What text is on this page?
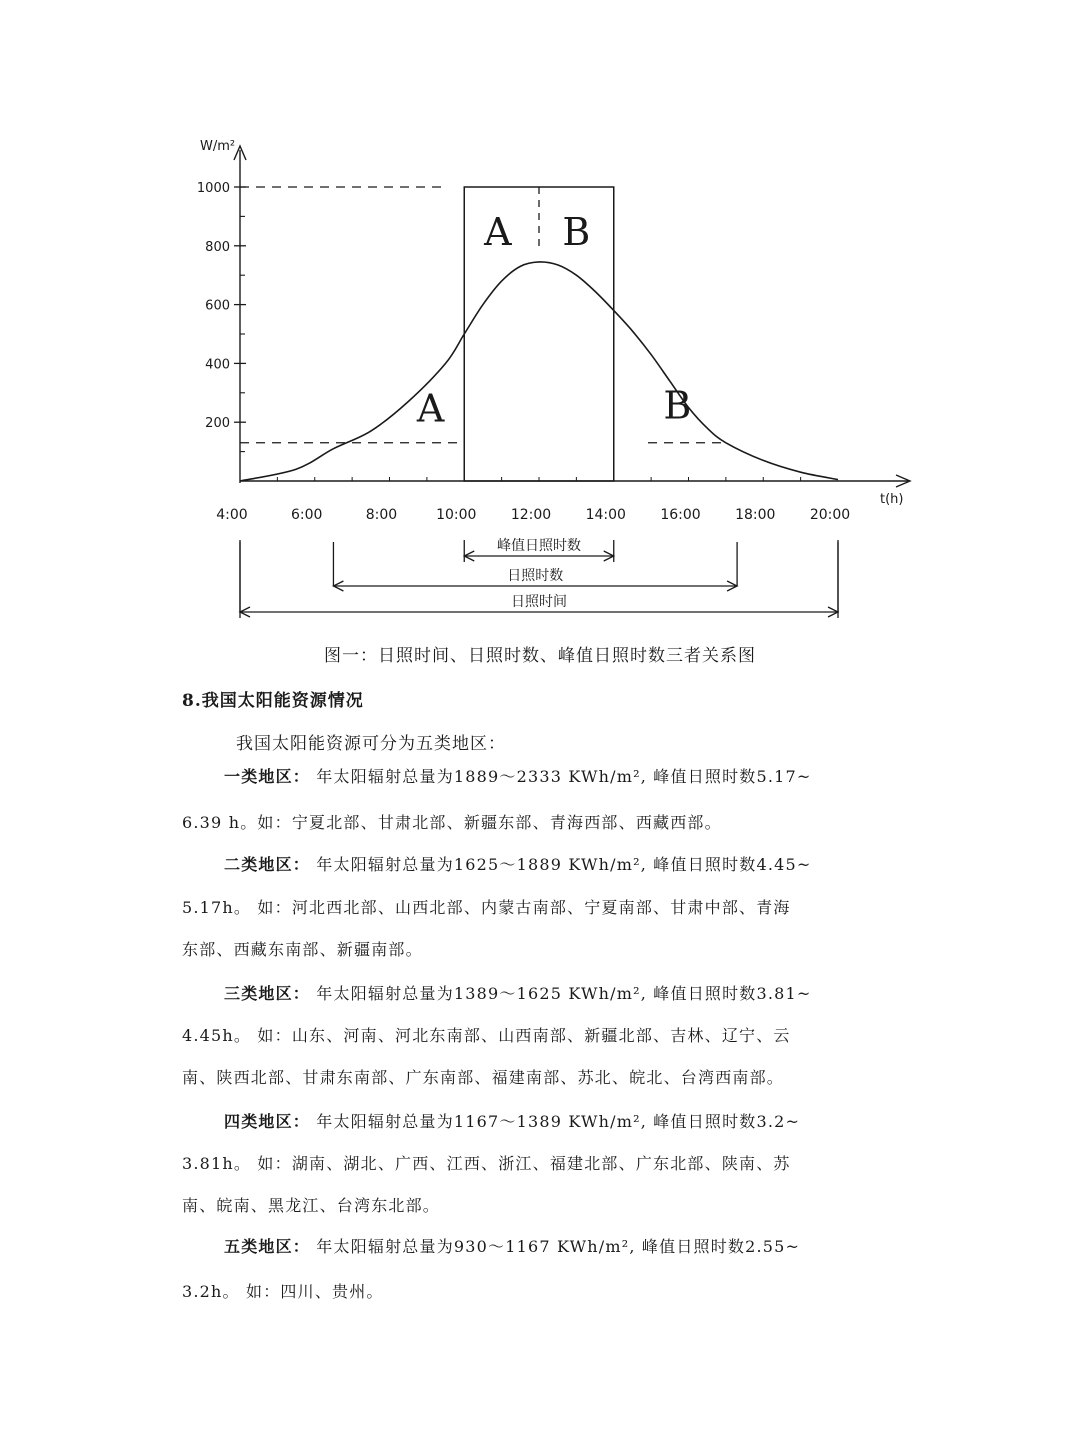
W/m²
t(h)
1000
800
600
400
200
4:00	6:00	8:00	10:00 12:00 14:00 16:00 18:00 20:00
A B
A	B
峰值日照时数
日照时数
日照时间
图一：日照时间、日照时数、峰值日照时数三者关系图
8.我国太阳能资源情况
我国太阳能资源可分为五类地区：
一类地区： 年太阳辐射总量为1889～2333 KWh/m², 峰值日照时数5.17~
6.39 h。如：宁夏北部、甘肃北部、新疆东部、青海西部、西藏西部。
二类地区： 年太阳辐射总量为1625～1889 KWh/m², 峰值日照时数4.45~
5.17h。 如：河北西北部、山西北部、内蒙古南部、宁夏南部、甘肃中部、青海
东部、西藏东南部、新疆南部。
三类地区： 年太阳辐射总量为1389～1625 KWh/m², 峰值日照时数3.81~
4.45h。 如：山东、河南、河北东南部、山西南部、新疆北部、吉林、辽宁、云
南、陕西北部、甘肃东南部、广东南部、福建南部、苏北、皖北、台湾西南部。
四类地区： 年太阳辐射总量为1167～1389 KWh/m², 峰值日照时数3.2~
3.81h。 如：湖南、湖北、广西、江西、浙江、福建北部、广东北部、陕南、苏
南、皖南、黑龙江、台湾东北部。
五类地区： 年太阳辐射总量为930～1167 KWh/m², 峰值日照时数2.55~
3.2h。 如：四川、贵州。
